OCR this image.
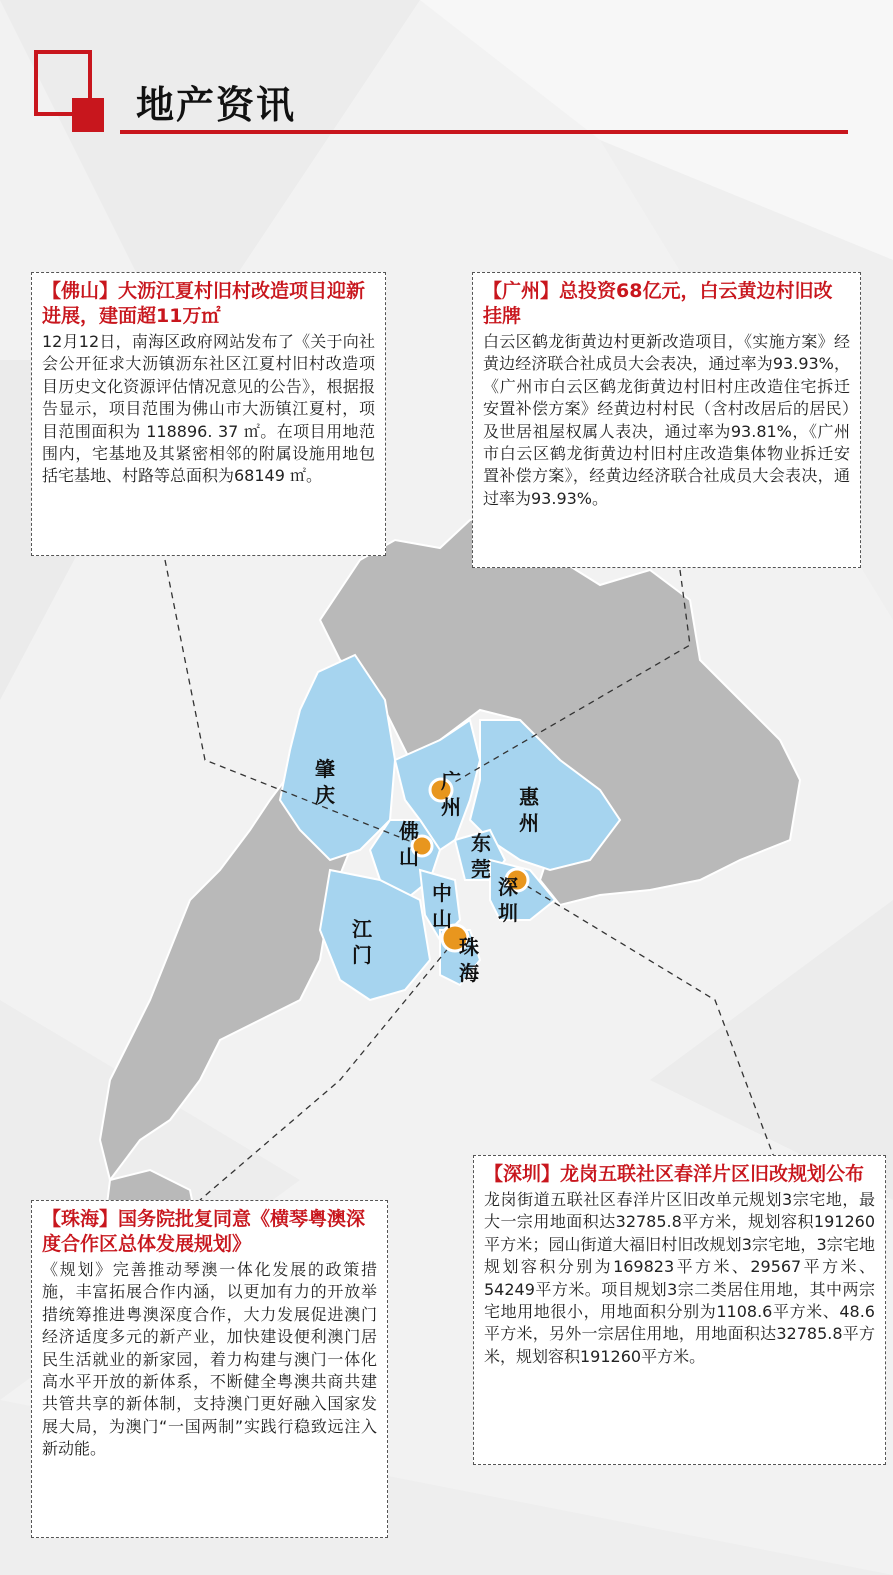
地产资讯
肇庆
广州	惠州
佛山
东莞
深圳
中山
江门	珠海
【佛山】大沥江夏村旧村改造项目迎新进展，建面超11万㎡
12月12日，南海区政府网站发布了《关于向社会公开征求大沥镇沥东社区江夏村旧村改造项目历史文化资源评估情况意见的公告》，根据报告显示，项目范围为佛山市大沥镇江夏村，项目范围面积为 118896. 37 ㎡。在项目用地范围内，宅基地及其紧密相邻的附属设施用地包括宅基地、村路等总面积为68149 ㎡。
【广州】总投资68亿元，白云黄边村旧改挂牌
白云区鹤龙街黄边村更新改造项目，《实施方案》经黄边经济联合社成员大会表决，通过率为93.93%，《广州市白云区鹤龙街黄边村旧村庄改造住宅拆迁安置补偿方案》经黄边村村民（含村改居后的居民）及世居祖屋权属人表决，通过率为93.81%，《广州市白云区鹤龙街黄边村旧村庄改造集体物业拆迁安置补偿方案》，经黄边经济联合社成员大会表决，通过率为93.93%。
【深圳】龙岗五联社区春洋片区旧改规划公布
龙岗街道五联社区春洋片区旧改单元规划3宗宅地，最大一宗用地面积达32785.8平方米，规划容积191260平方米；园山街道大福旧村旧改规划3宗宅地，3宗宅地规划容积分别为169823平方米、29567平方米、54249平方米。项目规划3宗二类居住用地，其中两宗宅地用地很小，用地面积分别为1108.6平方米、48.6平方米，另外一宗居住用地，用地面积达32785.8平方米，规划容积191260平方米。
【珠海】国务院批复同意《横琴粤澳深度合作区总体发展规划》
《规划》完善推动琴澳一体化发展的政策措施，丰富拓展合作内涵，以更加有力的开放举措统筹推进粤澳深度合作，大力发展促进澳门经济适度多元的新产业，加快建设便利澳门居民生活就业的新家园，着力构建与澳门一体化高水平开放的新体系，不断健全粤澳共商共建共管共享的新体制，支持澳门更好融入国家发展大局，为澳门“一国两制”实践行稳致远注入新动能。
